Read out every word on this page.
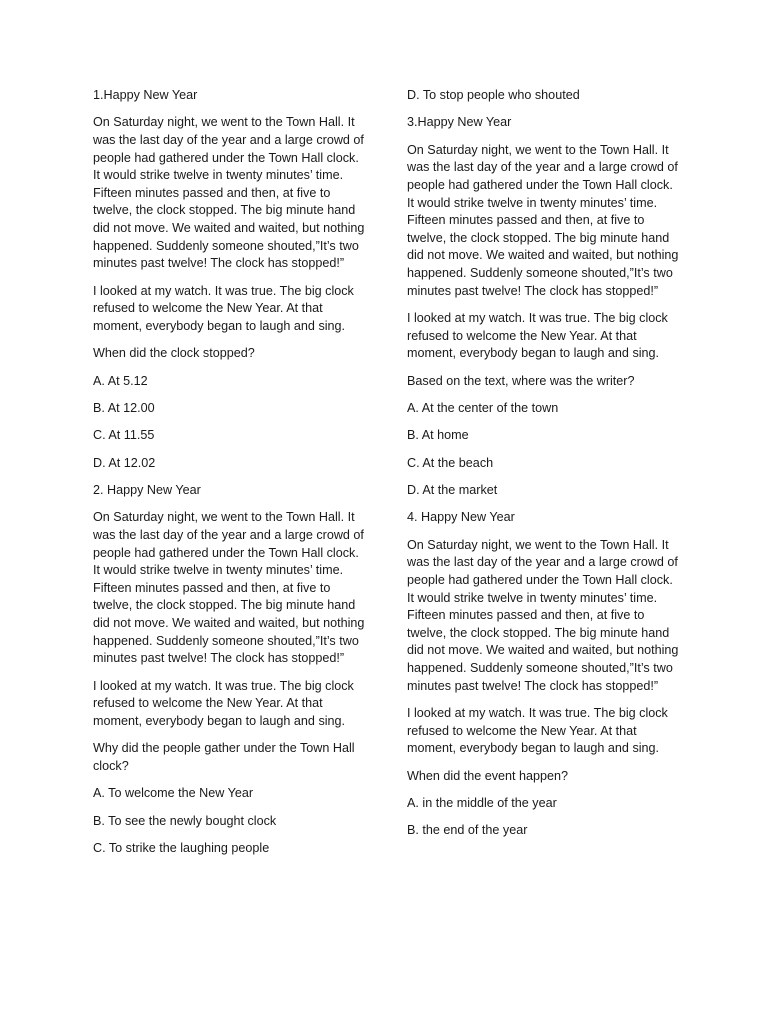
1.Happy New Year

On Saturday night, we went to the Town Hall. It was the last day of the year and a large crowd of people had gathered under the Town Hall clock. It would strike twelve in twenty minutes’ time. Fifteen minutes passed and then, at five to twelve, the clock stopped. The big minute hand did not move. We waited and waited, but nothing happened. Suddenly someone shouted,”It’s two minutes past twelve! The clock has stopped!”

I looked at my watch. It was true. The big clock refused to welcome the New Year. At that moment, everybody began to laugh and sing.

When did the clock stopped?

A. At 5.12

B. At 12.00

C. At 11.55

D. At 12.02

2. Happy New Year

On Saturday night, we went to the Town Hall. It was the last day of the year and a large crowd of people had gathered under the Town Hall clock. It would strike twelve in twenty minutes’ time. Fifteen minutes passed and then, at five to twelve, the clock stopped. The big minute hand did not move. We waited and waited, but nothing happened. Suddenly someone shouted,”It’s two minutes past twelve! The clock has stopped!”

I looked at my watch. It was true. The big clock refused to welcome the New Year. At that moment, everybody began to laugh and sing.

Why did the people gather under the Town Hall clock?

A. To welcome the New Year

B. To see the newly bought clock

C. To strike the laughing people

D. To stop people who shouted

3.Happy New Year

On Saturday night, we went to the Town Hall. It was the last day of the year and a large crowd of people had gathered under the Town Hall clock. It would strike twelve in twenty minutes’ time. Fifteen minutes passed and then, at five to twelve, the clock stopped. The big minute hand did not move. We waited and waited, but nothing happened. Suddenly someone shouted,”It’s two minutes past twelve! The clock has stopped!”

I looked at my watch. It was true. The big clock refused to welcome the New Year. At that moment, everybody began to laugh and sing.

Based on the text, where was the writer?

A. At the center of the town

B. At home

C. At the beach

D. At the market

4. Happy New Year

On Saturday night, we went to the Town Hall. It was the last day of the year and a large crowd of people had gathered under the Town Hall clock. It would strike twelve in twenty minutes’ time. Fifteen minutes passed and then, at five to twelve, the clock stopped. The big minute hand did not move. We waited and waited, but nothing happened. Suddenly someone shouted,”It’s two minutes past twelve! The clock has stopped!”

I looked at my watch. It was true. The big clock refused to welcome the New Year. At that moment, everybody began to laugh and sing.

When did the event happen?

A. in the middle of the year

B. the end of the year
